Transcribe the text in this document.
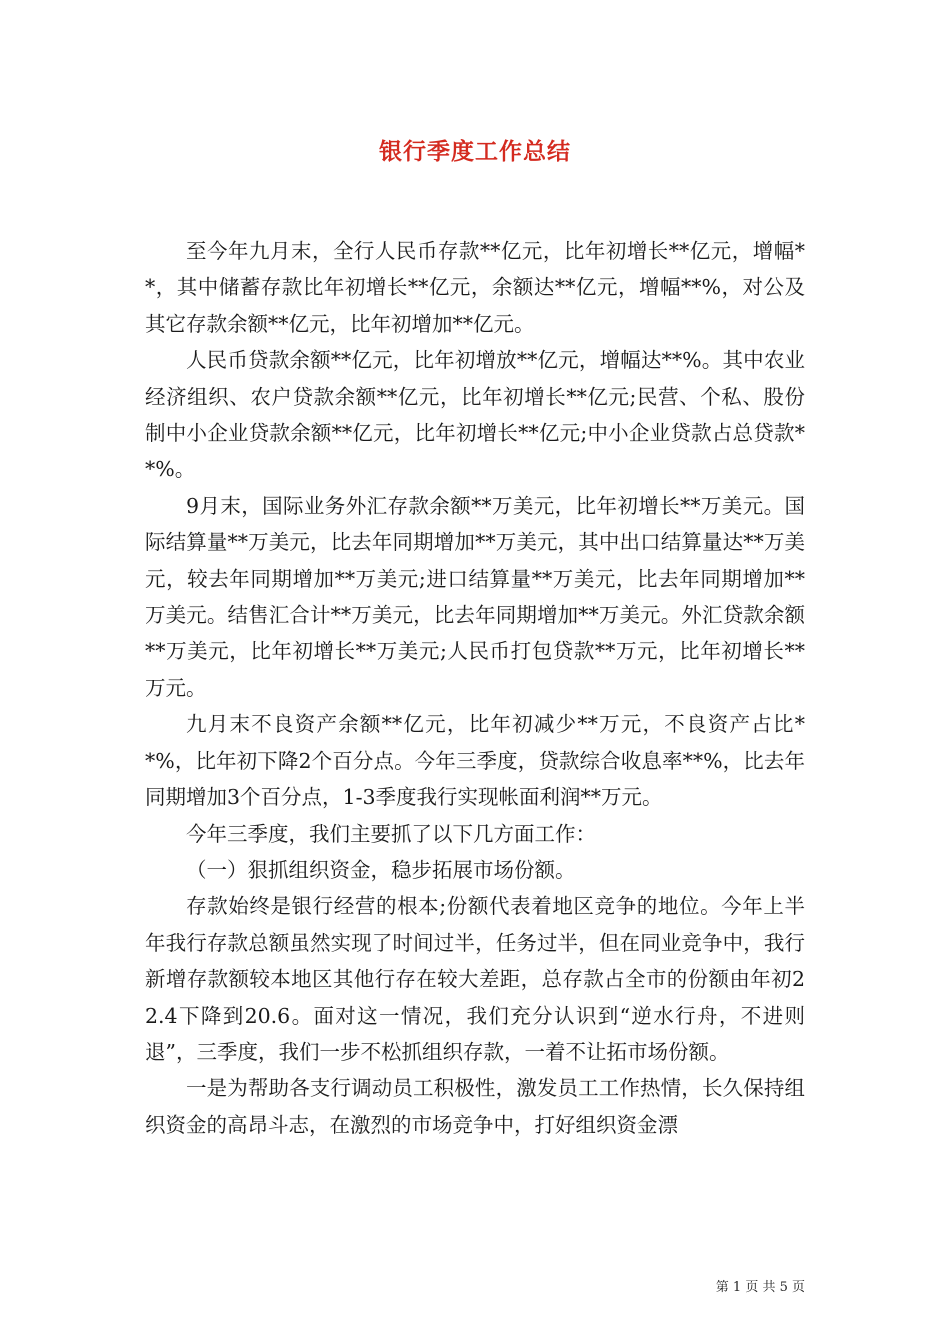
银行季度工作总结

至今年九月末，全行人民币存款**亿元，比年初增长**亿元，增幅**，其中储蓄存款比年初增长**亿元，余额达**亿元，增幅**%，对公及其它存款余额**亿元，比年初增加**亿元。

人民币贷款余额**亿元，比年初增放**亿元，增幅达**%。其中农业经济组织、农户贷款余额**亿元，比年初增长**亿元;民营、个私、股份制中小企业贷款余额**亿元，比年初增长**亿元;中小企业贷款占总贷款**%。

9月末，国际业务外汇存款余额**万美元，比年初增长**万美元。国际结算量**万美元，比去年同期增加**万美元，其中出口结算量达**万美元，较去年同期增加**万美元;进口结算量**万美元，比去年同期增加**万美元。结售汇合计**万美元，比去年同期增加**万美元。外汇贷款余额**万美元，比年初增长**万美元;人民币打包贷款**万元，比年初增长**万元。

九月末不良资产余额**亿元，比年初减少**万元，不良资产占比**%，比年初下降2个百分点。今年三季度，贷款综合收息率**%，比去年同期增加3个百分点，1-3季度我行实现帐面利润**万元。

今年三季度，我们主要抓了以下几方面工作：

（一）狠抓组织资金，稳步拓展市场份额。

存款始终是银行经营的根本;份额代表着地区竞争的地位。今年上半年我行存款总额虽然实现了时间过半，任务过半，但在同业竞争中，我行新增存款额较本地区其他行存在较大差距，总存款占全市的份额由年初22.4下降到20.6。面对这一情况，我们充分认识到“逆水行舟，不进则退”，三季度，我们一步不松抓组织存款，一着不让拓市场份额。

一是为帮助各支行调动员工积极性，激发员工工作热情，长久保持组织资金的高昂斗志，在激烈的市场竞争中，打好组织资金漂

第 1 页 共 5 页
